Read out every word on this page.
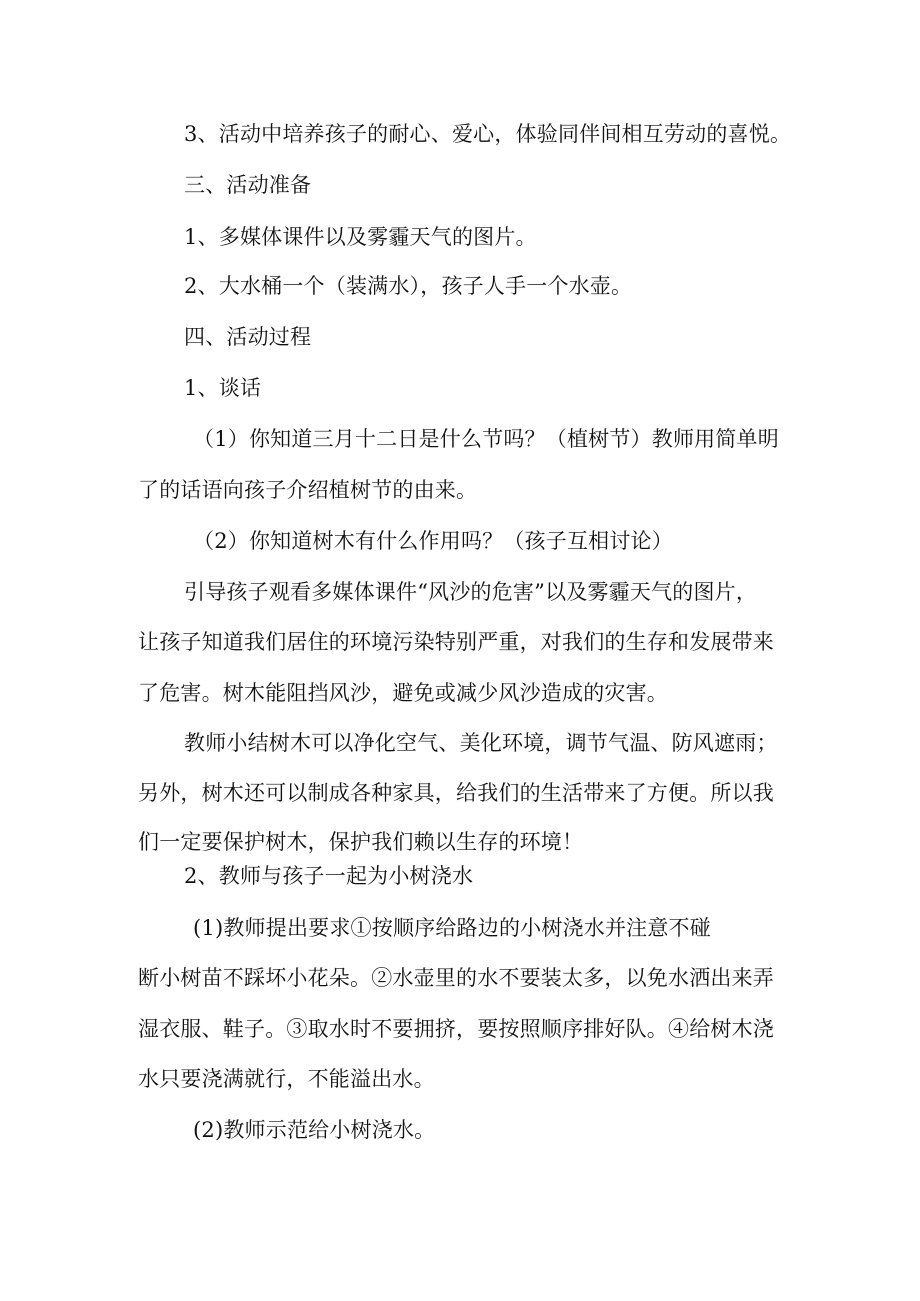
3、活动中培养孩子的耐心、爱心，体验同伴间相互劳动的喜悦。
三、活动准备
1、多媒体课件以及雾霾天气的图片。
2、大水桶一个（装满水），孩子人手一个水壶。
四、活动过程
1、谈话
（1）你知道三月十二日是什么节吗？（植树节）教师用简单明
了的话语向孩子介绍植树节的由来。
（2）你知道树木有什么作用吗？（孩子互相讨论）
引导孩子观看多媒体课件“风沙的危害”以及雾霾天气的图片，
让孩子知道我们居住的环境污染特别严重，对我们的生存和发展带来
了危害。树木能阻挡风沙，避免或减少风沙造成的灾害。
教师小结树木可以净化空气、美化环境，调节气温、防风遮雨；
另外，树木还可以制成各种家具，给我们的生活带来了方便。所以我
们一定要保护树木，保护我们赖以生存的环境！
2、教师与孩子一起为小树浇水
(1)教师提出要求①按顺序给路边的小树浇水并注意不碰
断小树苗不踩坏小花朵。②水壶里的水不要装太多，以免水洒出来弄
湿衣服、鞋子。③取水时不要拥挤，要按照顺序排好队。④给树木浇
水只要浇满就行，不能溢出水。
(2)教师示范给小树浇水。
